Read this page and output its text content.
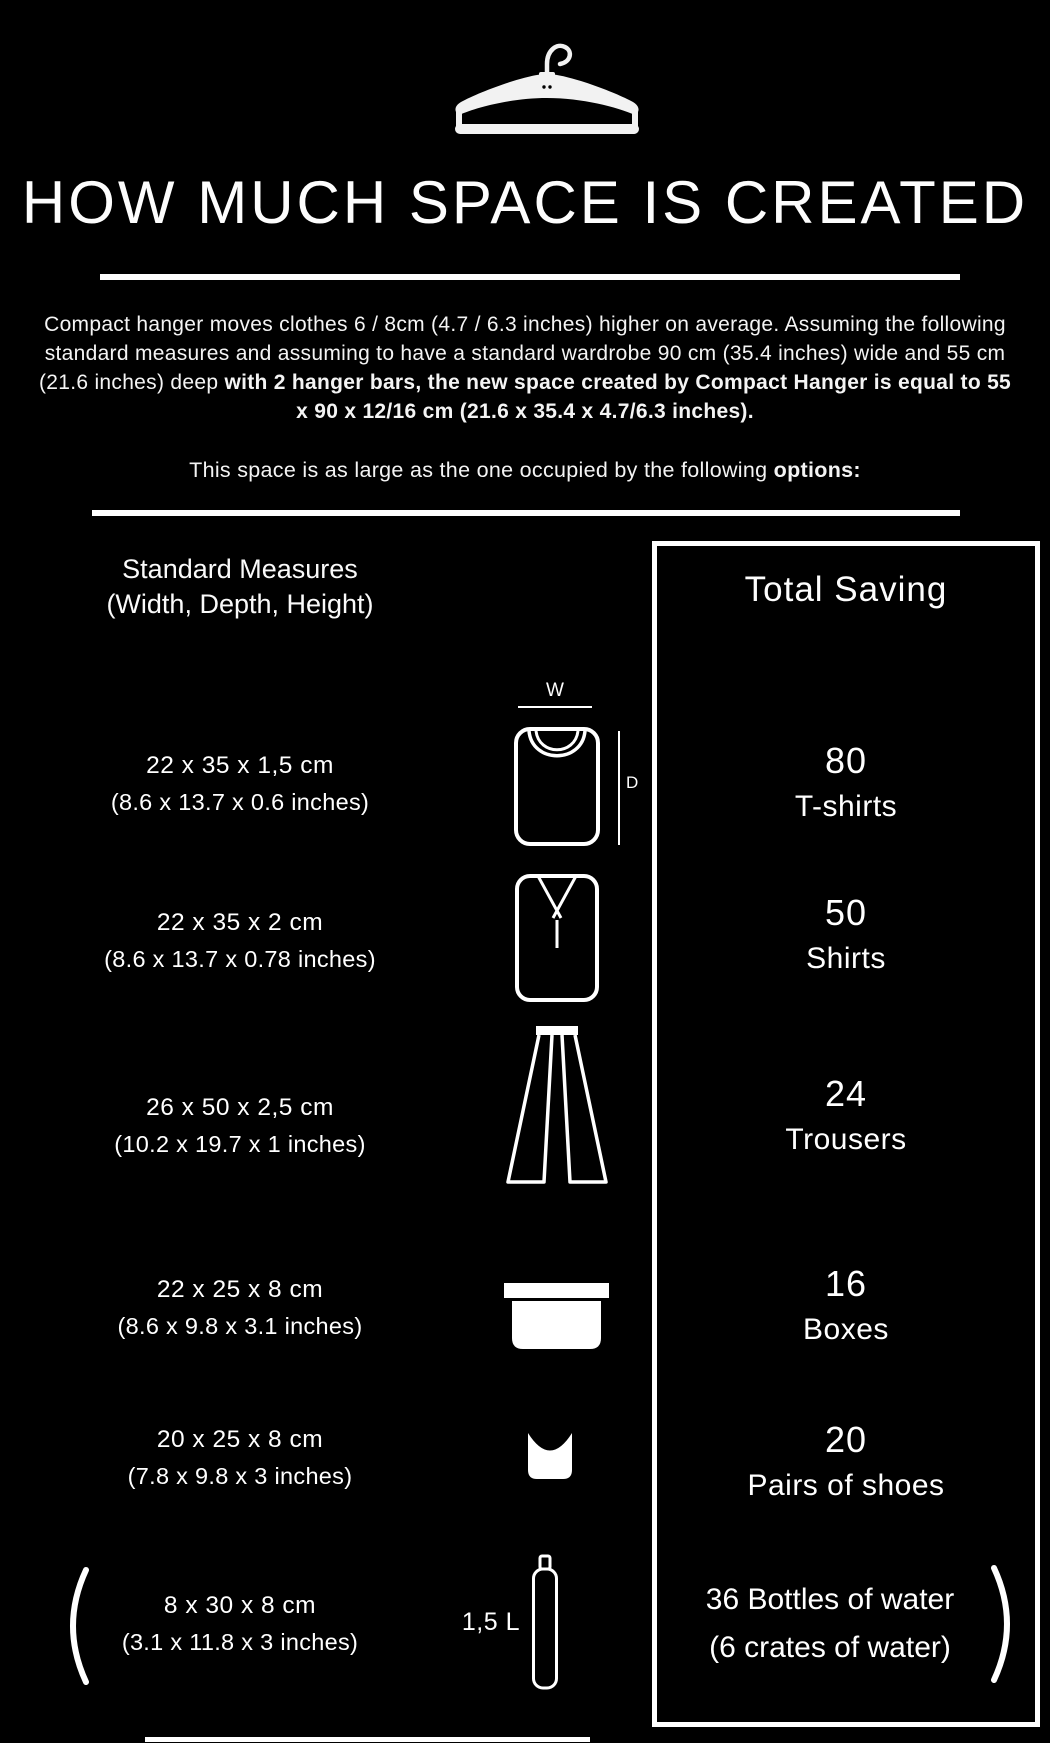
HOW MUCH SPACE IS CREATED
Compact hanger moves clothes 6 / 8cm (4.7 / 6.3 inches) higher on average. Assuming the following standard measures and assuming to have a standard wardrobe 90 cm (35.4 inches) wide and 55 cm (21.6 inches) deep with 2 hanger bars, the new space created by Compact Hanger is equal to 55 x 90 x 12/16 cm (21.6 x 35.4 x 4.7/6.3 inches).
This space is as large as the one occupied by the following options:
Standard Measures
(Width, Depth, Height)	Total Saving
W
D
22 x 35 x 1,5 cm
(8.6 x 13.7 x 0.6 inches)
80
T-shirts
22 x 35 x 2 cm
(8.6 x 13.7 x 0.78 inches)
50
Shirts
26 x 50 x 2,5 cm
(10.2 x 19.7 x 1 inches)
24
Trousers
22 x 25 x 8 cm
(8.6 x 9.8 x 3.1 inches)
16
Boxes
20 x 25 x 8 cm
(7.8 x 9.8 x 3 inches)
20
Pairs of shoes
8 x 30 x 8 cm
(3.1 x 11.8 x 3 inches)
1,5 L
36 Bottles of water
(6 crates of water)
